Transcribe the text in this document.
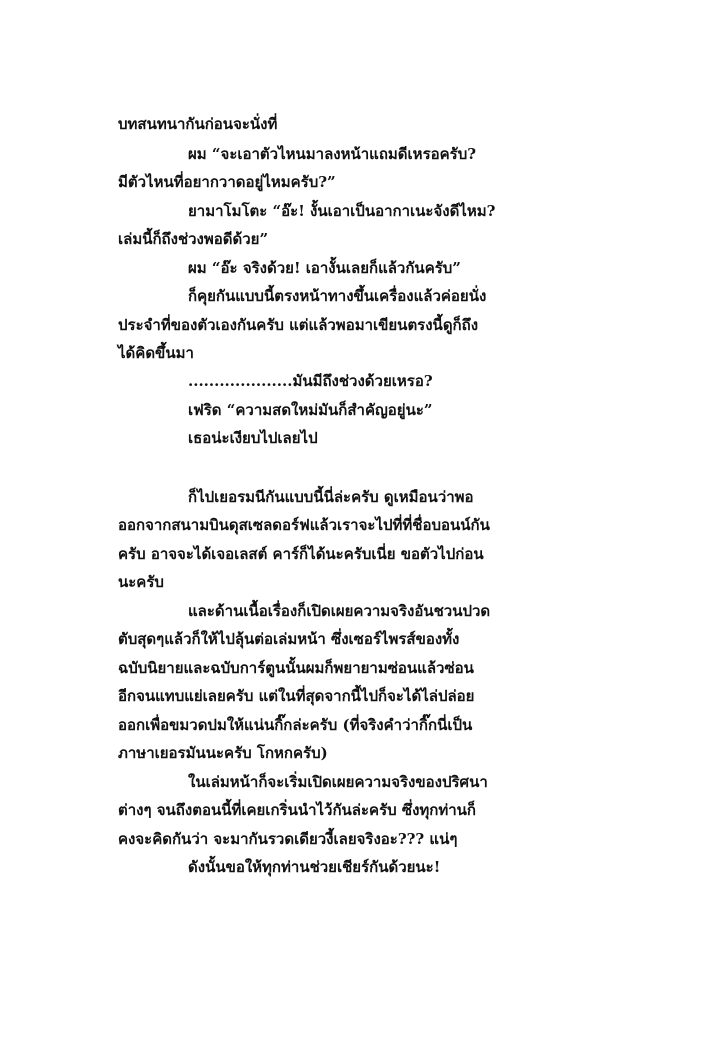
บทสนทนากันก่อนจะนั่งที่
ผม “จะเอาตัวไหนมาลงหน้าแถมดีเหรอครับ?
มีตัวไหนที่อยากวาดอยู่ไหมครับ?”
ยามาโมโตะ “อ๊ะ! งั้นเอาเป็นอากาเนะจังดีไหม?
เล่มนี้ก็ถึงช่วงพอดีด้วย”
ผม “อ๊ะ จริงด้วย! เอางั้นเลยก็แล้วกันครับ”
ก็คุยกันแบบนี้ตรงหน้าทางขึ้นเครื่องแล้วค่อยนั่ง
ประจำที่ของตัวเองกันครับ แต่แล้วพอมาเขียนตรงนี้ดูก็ถึง
ได้คิดขึ้นมา
....................มันมีถึงช่วงด้วยเหรอ?
เฟริด “ความสดใหม่มันก็สำคัญอยู่นะ”
เธอน่ะเงียบไปเลยไป
ก็ไปเยอรมนีกันแบบนี้นี่ล่ะครับ ดูเหมือนว่าพอ
ออกจากสนามบินดุสเซลดอร์ฟแล้วเราจะไปที่ที่ชื่อบอนน์กัน
ครับ อาจจะได้เจอเลสต์ คาร์ก็ได้นะครับเนี่ย ขอตัวไปก่อน
นะครับ
และด้านเนื้อเรื่องก็เปิดเผยความจริงอันชวนปวด
ตับสุดๆแล้วก็ให้ไปลุ้นต่อเล่มหน้า ซึ่งเซอร์ไพรส์ของทั้ง
ฉบับนิยายและฉบับการ์ตูนนั้นผมก็พยายามซ่อนแล้วซ่อน
อีกจนแทบแย่เลยครับ แต่ในที่สุดจากนี้ไปก็จะได้ไล่ปล่อย
ออกเพื่อขมวดปมให้แน่นกิ๊กล่ะครับ (ที่จริงคำว่ากิ๊กนี่เป็น
ภาษาเยอรมันนะครับ โกหกครับ)
ในเล่มหน้าก็จะเริ่มเปิดเผยความจริงของปริศนา
ต่างๆ จนถึงตอนนี้ที่เคยเกริ่นนำไว้กันล่ะครับ ซึ่งทุกท่านก็
คงจะคิดกันว่า จะมากันรวดเดียวงี้เลยจริงอะ??? แน่ๆ
ดังนั้นขอให้ทุกท่านช่วยเชียร์กันด้วยนะ!
